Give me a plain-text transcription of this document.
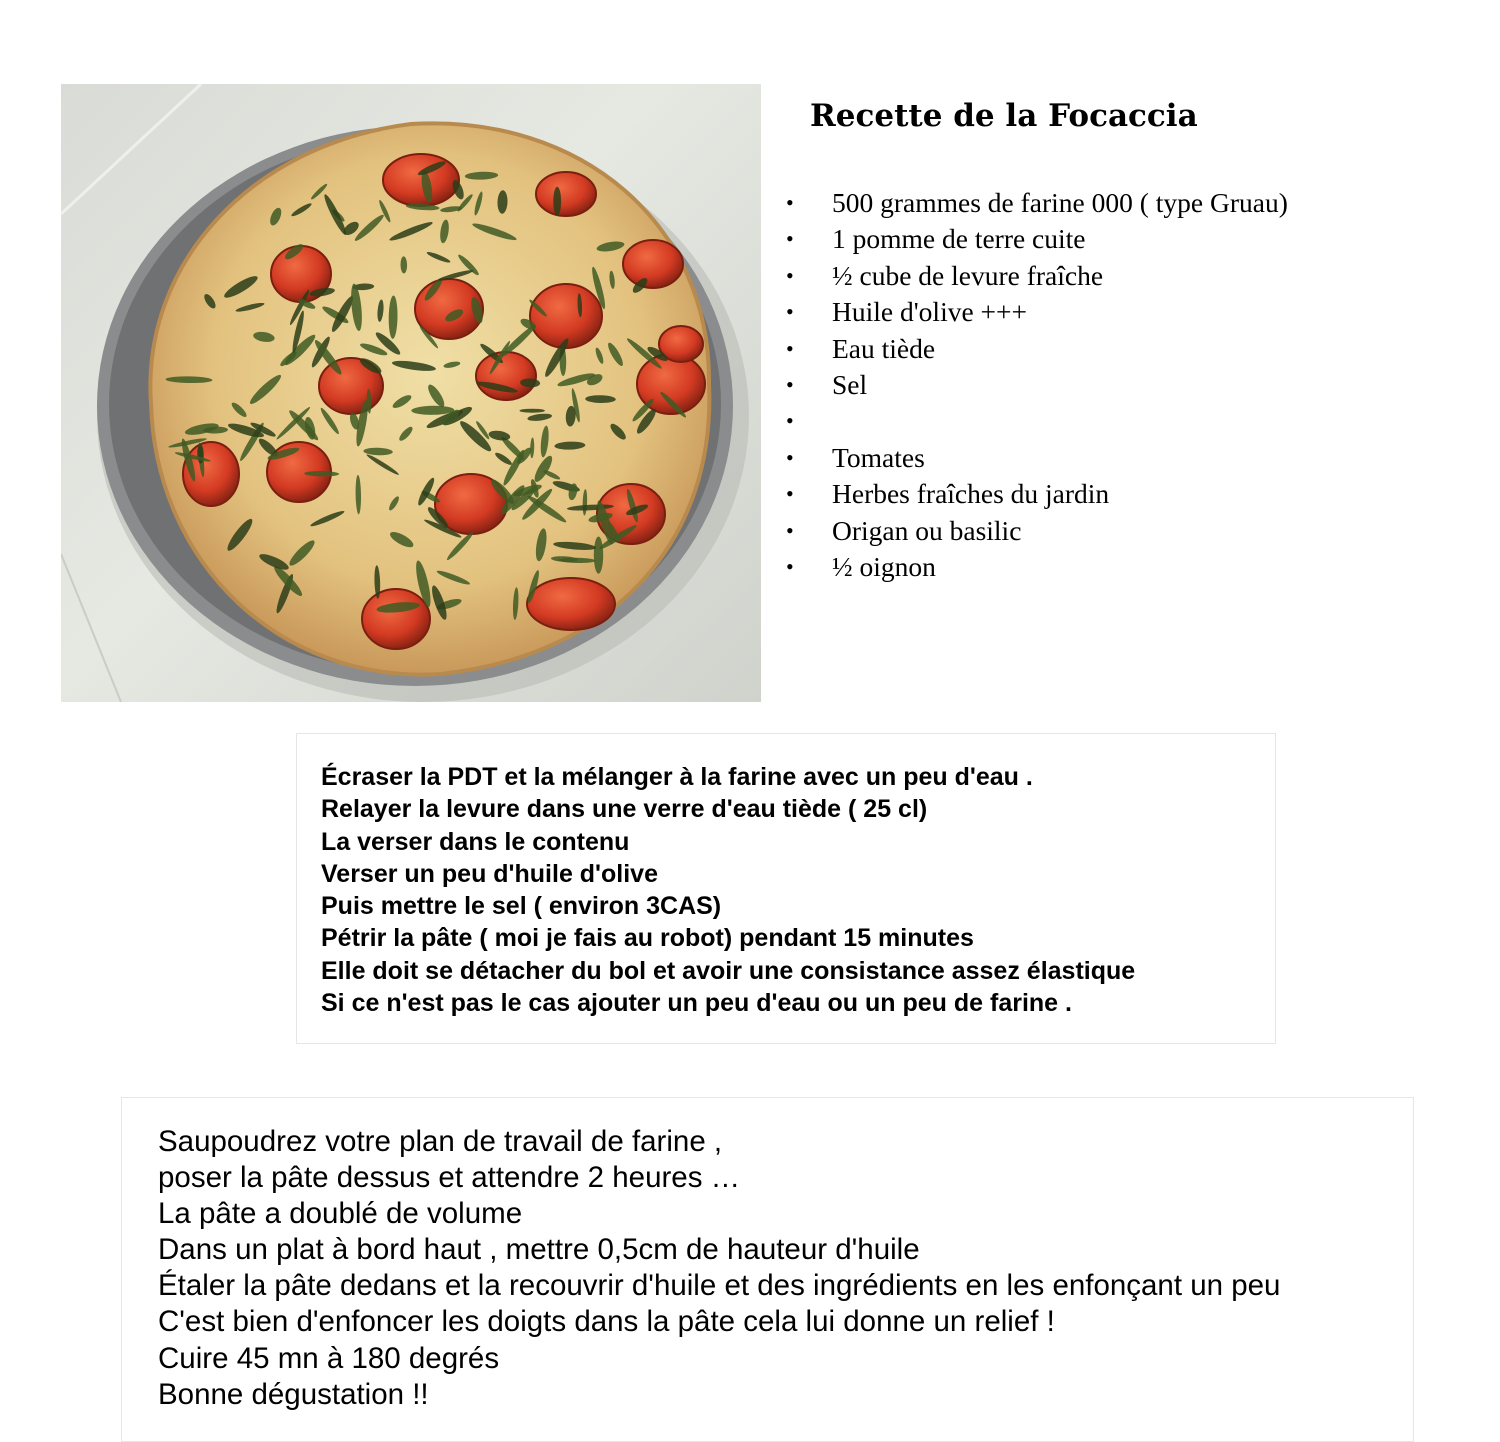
Recette de la Focaccia
• 500 grammes de farine 000 ( type Gruau)
• 1 pomme de terre cuite
• ½ cube de levure fraîche
• Huile d'olive +++
• Eau tiède
• Sel
•
• Tomates
• Herbes fraîches du jardin
• Origan ou basilic
• ½ oignon
Écraser la PDT et la mélanger à la farine avec un peu d'eau .
Relayer la levure dans une verre d'eau tiède ( 25 cl)
La verser dans le contenu
Verser un peu d'huile d'olive
Puis mettre le sel ( environ 3CAS)
Pétrir la pâte ( moi je fais au robot) pendant 15 minutes
Elle doit se détacher du bol et avoir une consistance assez élastique
Si ce n'est pas le cas ajouter un peu d'eau ou un peu de farine .
Saupoudrez votre plan de travail de farine ,
poser la pâte dessus et attendre 2 heures …
La pâte a doublé de volume
Dans un plat à bord haut , mettre 0,5cm de hauteur d'huile
Étaler la pâte dedans et la recouvrir d'huile et des ingrédients en les enfonçant un peu
C'est bien d'enfoncer les doigts dans la pâte cela lui donne un relief !
Cuire 45 mn à 180 degrés
Bonne dégustation !!
